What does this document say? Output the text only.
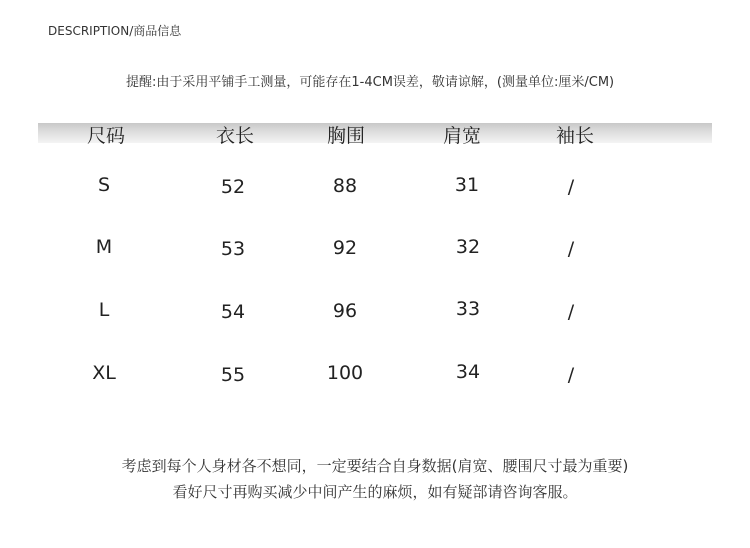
DESCRIPTION/商品信息
提醒:由于采用平铺手工测量，可能存在1-4CM误差，敬请谅解，(测量单位:厘米/CM)
尺码	衣长	胸围	肩宽	袖长
S	52	88	31	/
M	53	92	32	/
L	54	96	33	/
XL	55	100	34	/
考虑到每个人身材各不想同，一定要结合自身数据(肩宽、腰围尺寸最为重要)
看好尺寸再购买减少中间产生的麻烦，如有疑部请咨询客服。
